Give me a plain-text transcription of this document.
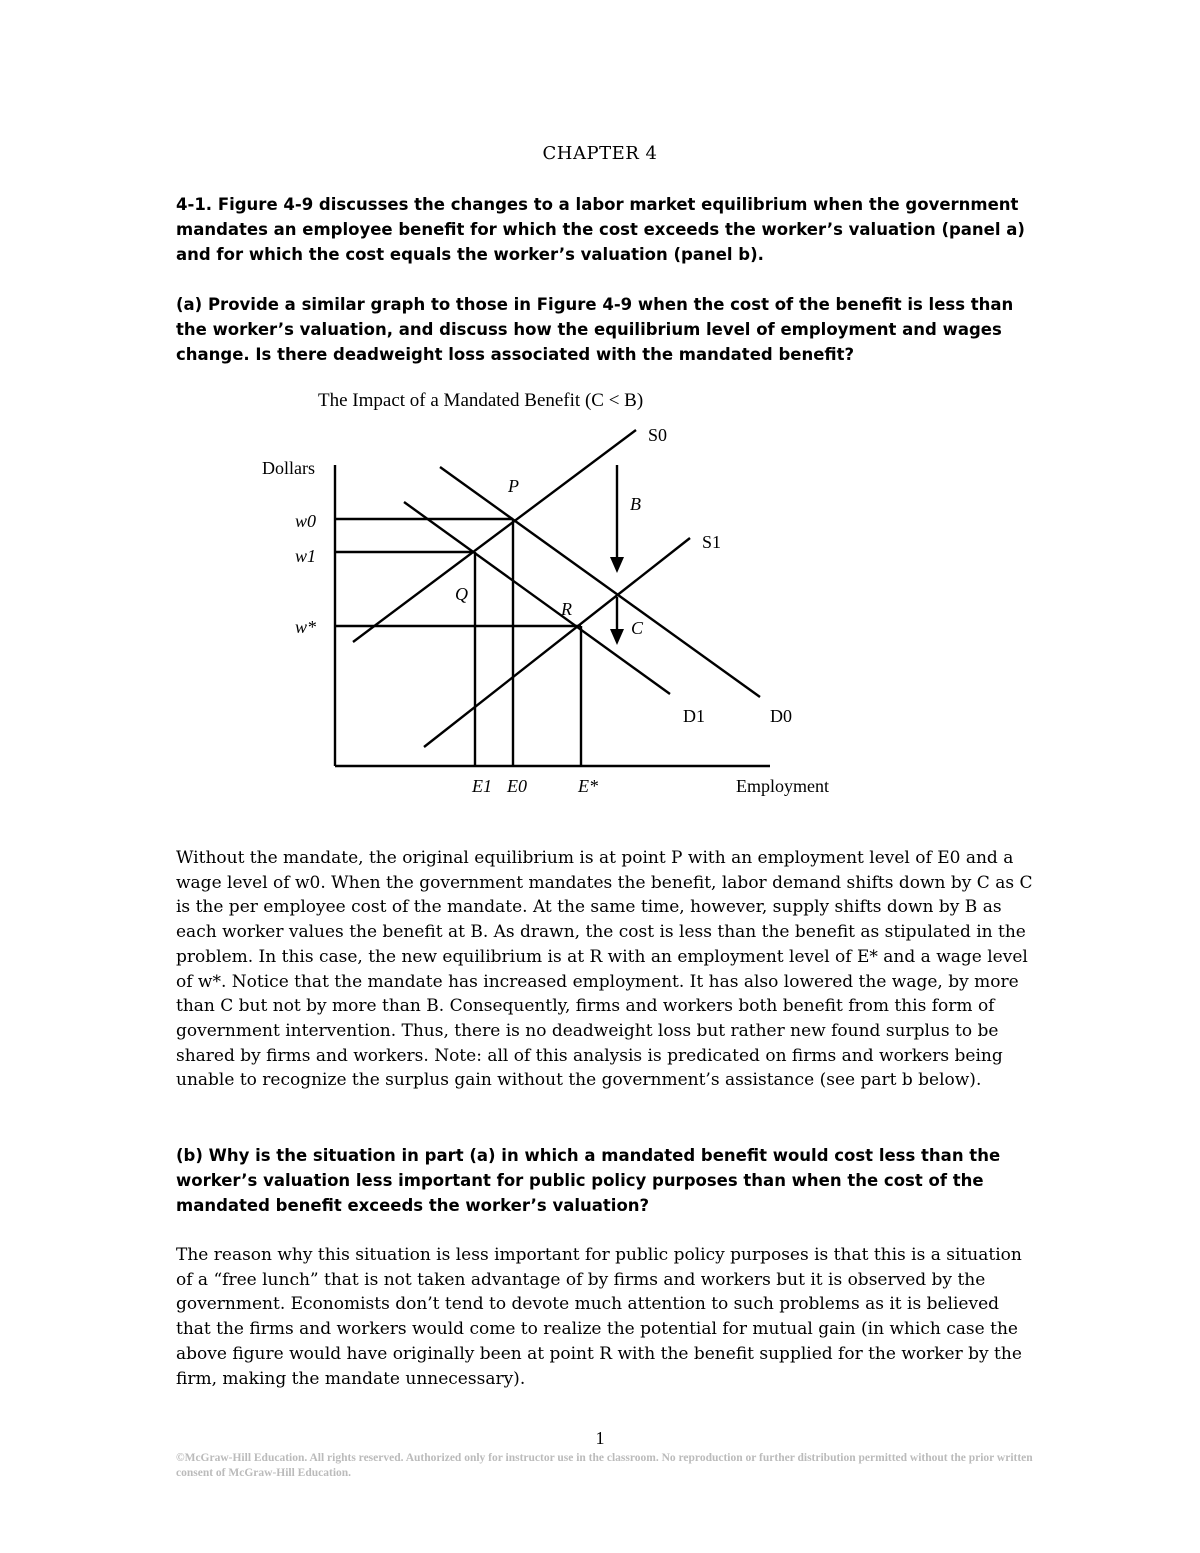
CHAPTER 4

4-1. Figure 4-9 discusses the changes to a labor market equilibrium when the government mandates an employee benefit for which the cost exceeds the worker’s valuation (panel a) and for which the cost equals the worker’s valuation (panel b).

(a) Provide a similar graph to those in Figure 4-9 when the cost of the benefit is less than the worker’s valuation, and discuss how the equilibrium level of employment and wages change. Is there deadweight loss associated with the mandated benefit?

The Impact of a Mandated Benefit (C < B)
Dollars
Employment
S0
S1
D1	D0
w0
w1
w*
E1 E0	E*
P
Q
R
B
C

Without the mandate, the original equilibrium is at point P with an employment level of E0 and a wage level of w0. When the government mandates the benefit, labor demand shifts down by C as C is the per employee cost of the mandate. At the same time, however, supply shifts down by B as each worker values the benefit at B. As drawn, the cost is less than the benefit as stipulated in the problem. In this case, the new equilibrium is at R with an employment level of E* and a wage level of w*. Notice that the mandate has increased employment. It has also lowered the wage, by more than C but not by more than B. Consequently, firms and workers both benefit from this form of government intervention. Thus, there is no deadweight loss but rather new found surplus to be shared by firms and workers. Note: all of this analysis is predicated on firms and workers being unable to recognize the surplus gain without the government’s assistance (see part b below).

(b) Why is the situation in part (a) in which a mandated benefit would cost less than the worker’s valuation less important for public policy purposes than when the cost of the mandated benefit exceeds the worker’s valuation?

The reason why this situation is less important for public policy purposes is that this is a situation of a “free lunch” that is not taken advantage of by firms and workers but it is observed by the government. Economists don’t tend to devote much attention to such problems as it is believed that the firms and workers would come to realize the potential for mutual gain (in which case the above figure would have originally been at point R with the benefit supplied for the worker by the firm, making the mandate unnecessary).

1
©McGraw-Hill Education. All rights reserved. Authorized only for instructor use in the classroom. No reproduction or further distribution permitted without the prior written consent of McGraw-Hill Education.
